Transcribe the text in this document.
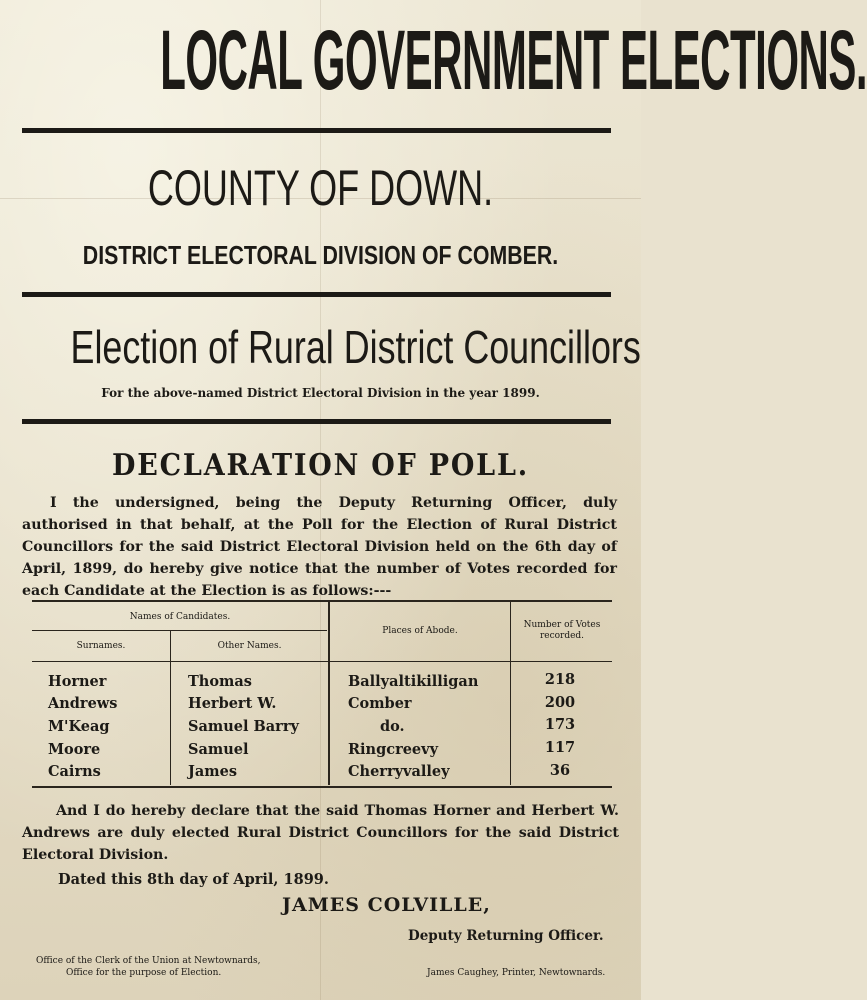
LOCAL GOVERNMENT ELECTIONS.
COUNTY OF DOWN.
DISTRICT ELECTORAL DIVISION OF COMBER.
Election of Rural District Councillors
For the above-named District Electoral Division in the year 1899.
DECLARATION OF POLL.
I the undersigned, being the Deputy Returning Officer, duly authorised in that behalf, at the Poll for the Election of Rural District Councillors for the said District Electoral Division held on the 6th day of April, 1899, do hereby give notice that the number of Votes recorded for each Candidate at the Election is as follows:---
Names of Candidates.
Surnames.	Other Names.
Places of Abode.
Number of Votes recorded.
Horner	Thomas	Ballyaltikilligan	218
Andrews	Herbert W.	Comber	200
M'Keag	Samuel Barry	do.	173
Moore	Samuel	Ringcreevy	117
Cairns	James	Cherryvalley	36
And I do hereby declare that the said Thomas Horner and Herbert W. Andrews are duly elected Rural District Councillors for the said District Electoral Division.
Dated this 8th day of April, 1899.
JAMES COLVILLE,
Deputy Returning Officer.
Office of the Clerk of the Union at Newtownards,
Office for the purpose of Election.	James Caughey, Printer, Newtownards.
